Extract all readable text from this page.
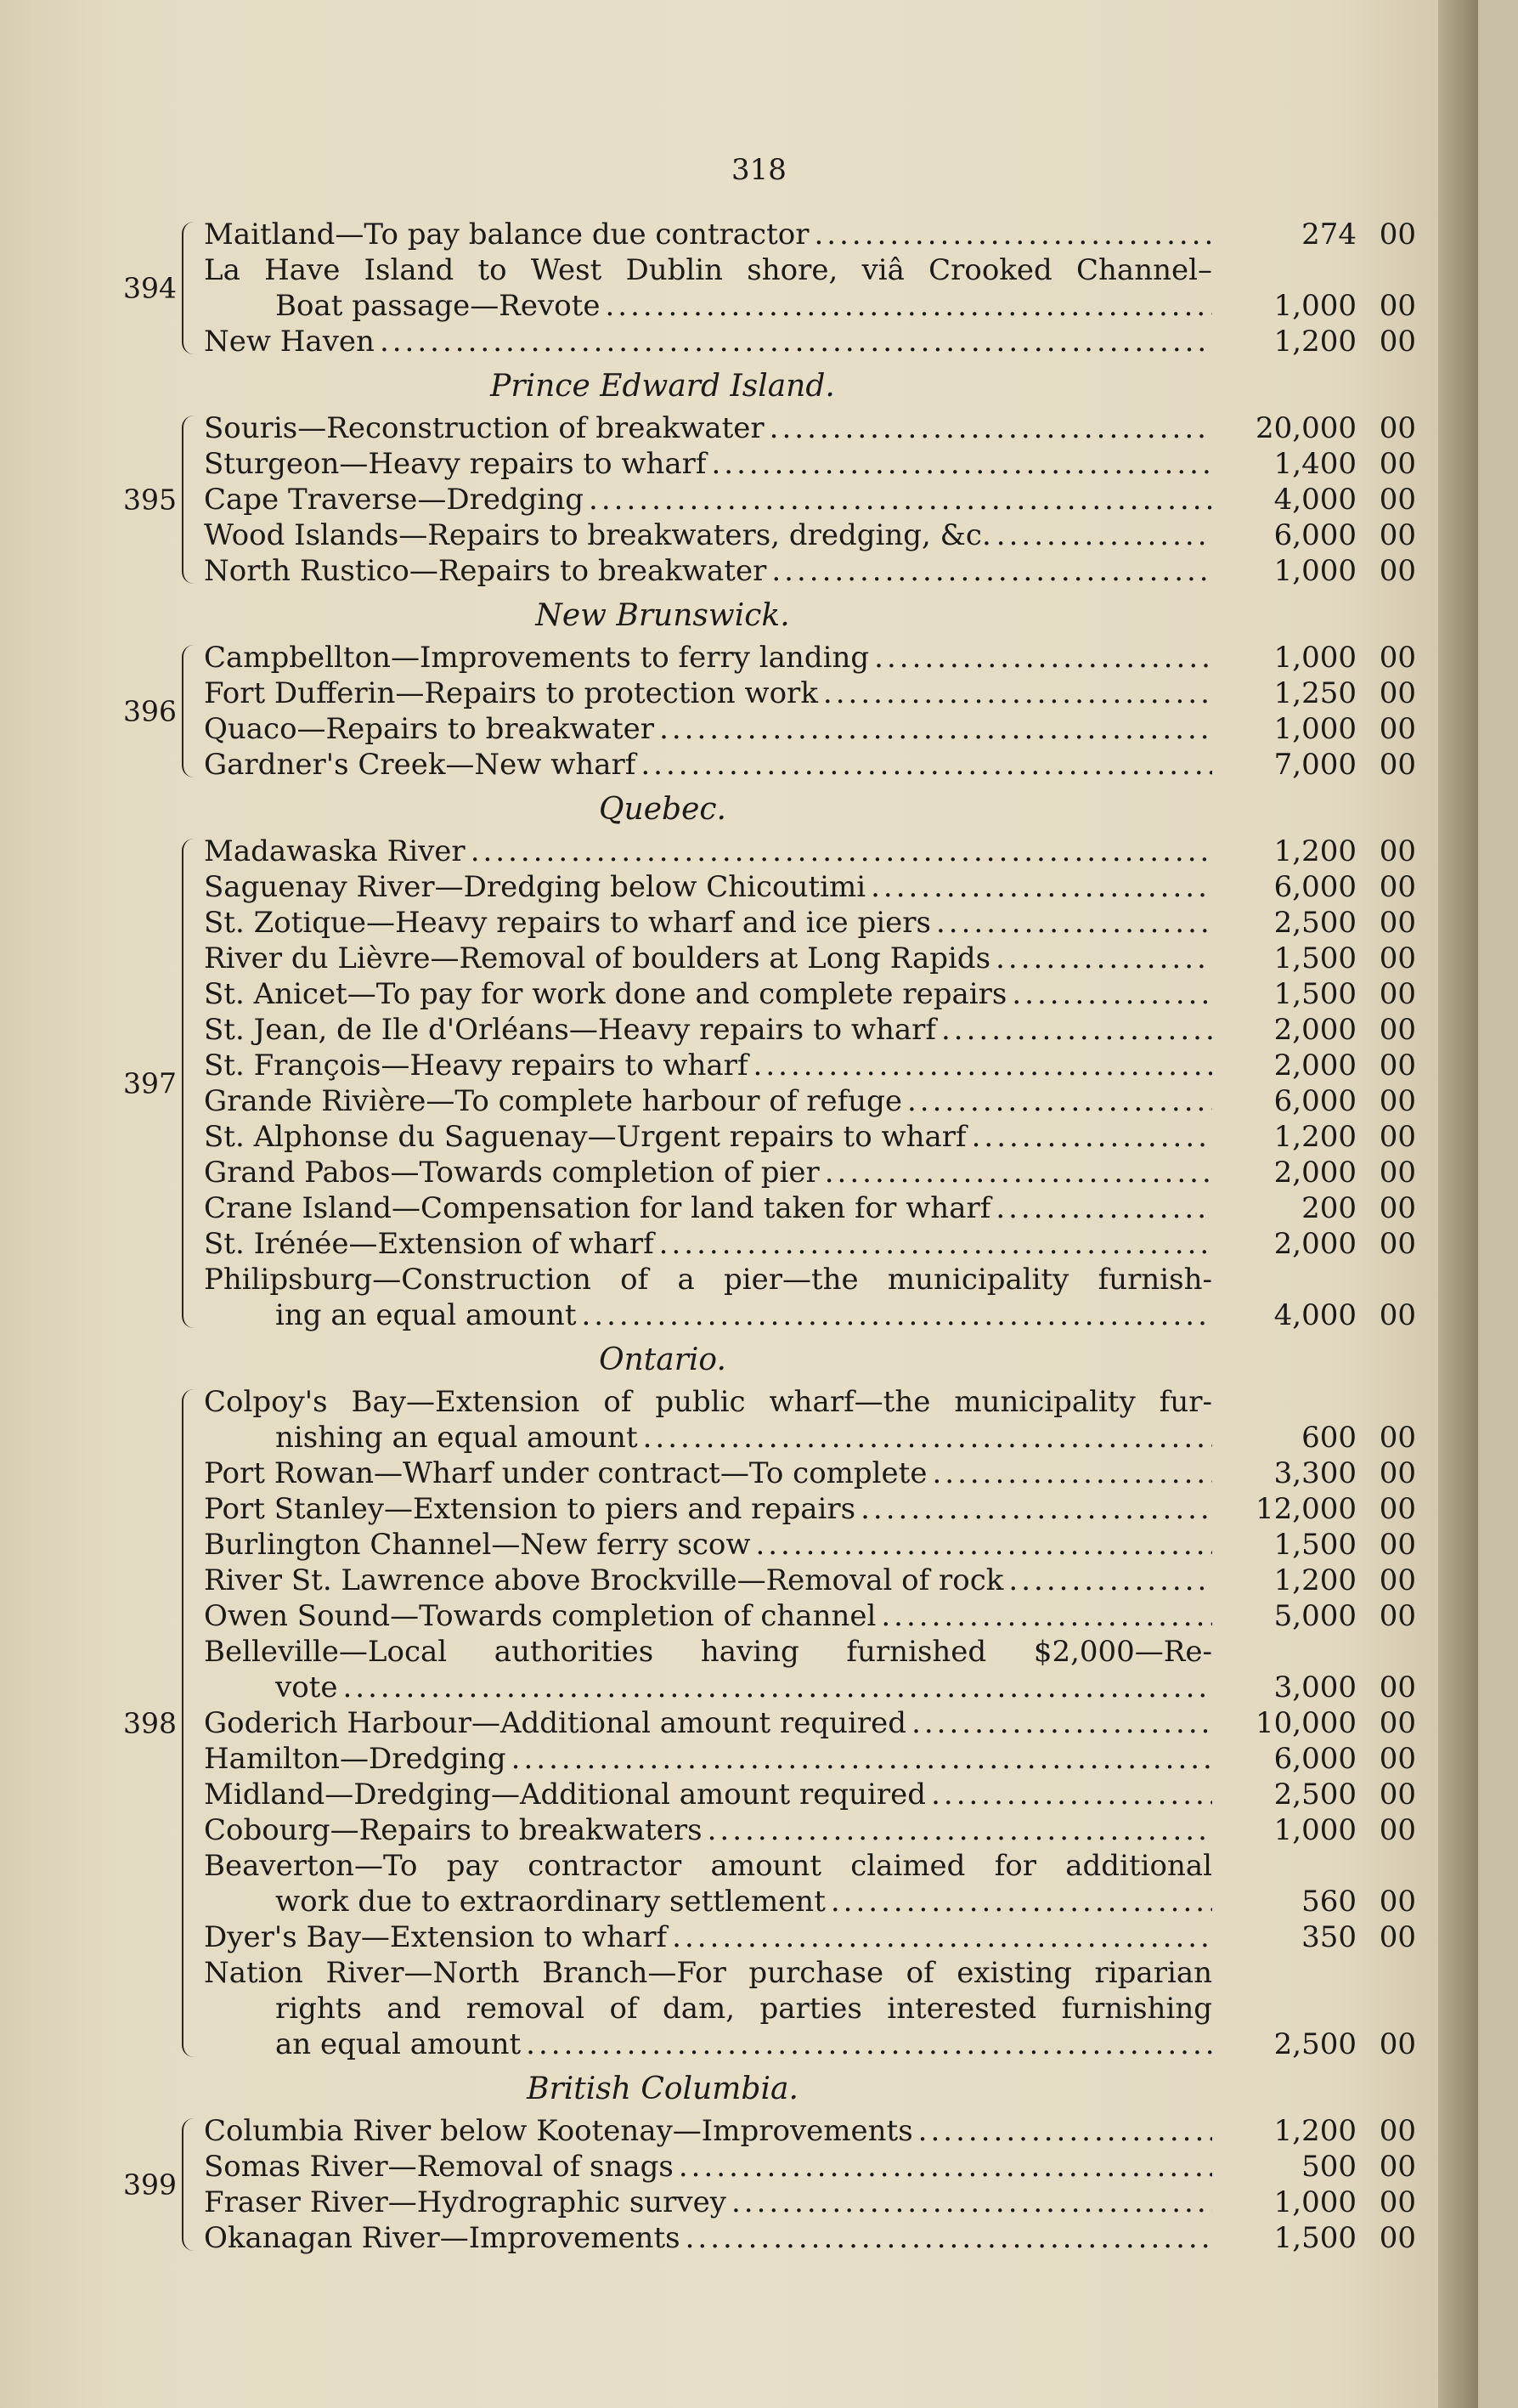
318
Maitland—To pay balance due contractor .....	274 00
La Have Island to West Dublin shore, viâ Crooked Channel–
Boat passage—Revote .....	1,000 00
New Haven .....	1,200 00
394
Prince Edward Island.
Souris—Reconstruction of breakwater .....	20,000 00
Sturgeon—Heavy repairs to wharf .....	1,400 00
Cape Traverse—Dredging .....	4,000 00
Wood Islands—Repairs to breakwaters, dredging, &c. .....	6,000 00
North Rustico—Repairs to breakwater .....	1,000 00
395
New Brunswick.
Campbellton—Improvements to ferry landing .....	1,000 00
Fort Dufferin—Repairs to protection work .....	1,250 00
Quaco—Repairs to breakwater .....	1,000 00
Gardner's Creek—New wharf .....	7,000 00
396
Quebec.
Madawaska River .....	1,200 00
Saguenay River—Dredging below Chicoutimi .....	6,000 00
St. Zotique—Heavy repairs to wharf and ice piers .....	2,500 00
River du Lièvre—Removal of boulders at Long Rapids .....	1,500 00
St. Anicet—To pay for work done and complete repairs .....	1,500 00
St. Jean, de Ile d'Orléans—Heavy repairs to wharf .....	2,000 00
St. François—Heavy repairs to wharf .....	2,000 00
Grande Rivière—To complete harbour of refuge .....	6,000 00
St. Alphonse du Saguenay—Urgent repairs to wharf .....	1,200 00
Grand Pabos—Towards completion of pier .....	2,000 00
Crane Island—Compensation for land taken for wharf .....	200 00
St. Irénée—Extension of wharf .....	2,000 00
Philipsburg—Construction of a pier—the municipality furnish-
ing an equal amount .....	4,000 00
397
Ontario.
Colpoy's Bay—Extension of public wharf—the municipality fur-
nishing an equal amount .....	600 00
Port Rowan—Wharf under contract—To complete .....	3,300 00
Port Stanley—Extension to piers and repairs .....	12,000 00
Burlington Channel—New ferry scow .....	1,500 00
River St. Lawrence above Brockville—Removal of rock .....	1,200 00
Owen Sound—Towards completion of channel .....	5,000 00
Belleville—Local authorities having furnished $2,000—Re-
vote .....	3,000 00
Goderich Harbour—Additional amount required .....	10,000 00
Hamilton—Dredging .....	6,000 00
Midland—Dredging—Additional amount required .....	2,500 00
Cobourg—Repairs to breakwaters .....	1,000 00
Beaverton—To pay contractor amount claimed for additional
work due to extraordinary settlement .....	560 00
Dyer's Bay—Extension to wharf .....	350 00
Nation River—North Branch—For purchase of existing riparian
rights and removal of dam, parties interested furnishing
an equal amount .....	2,500 00
398
British Columbia.
Columbia River below Kootenay—Improvements .....	1,200 00
Somas River—Removal of snags .....	500 00
Fraser River—Hydrographic survey .....	1,000 00
Okanagan River—Improvements .....	1,500 00
399
